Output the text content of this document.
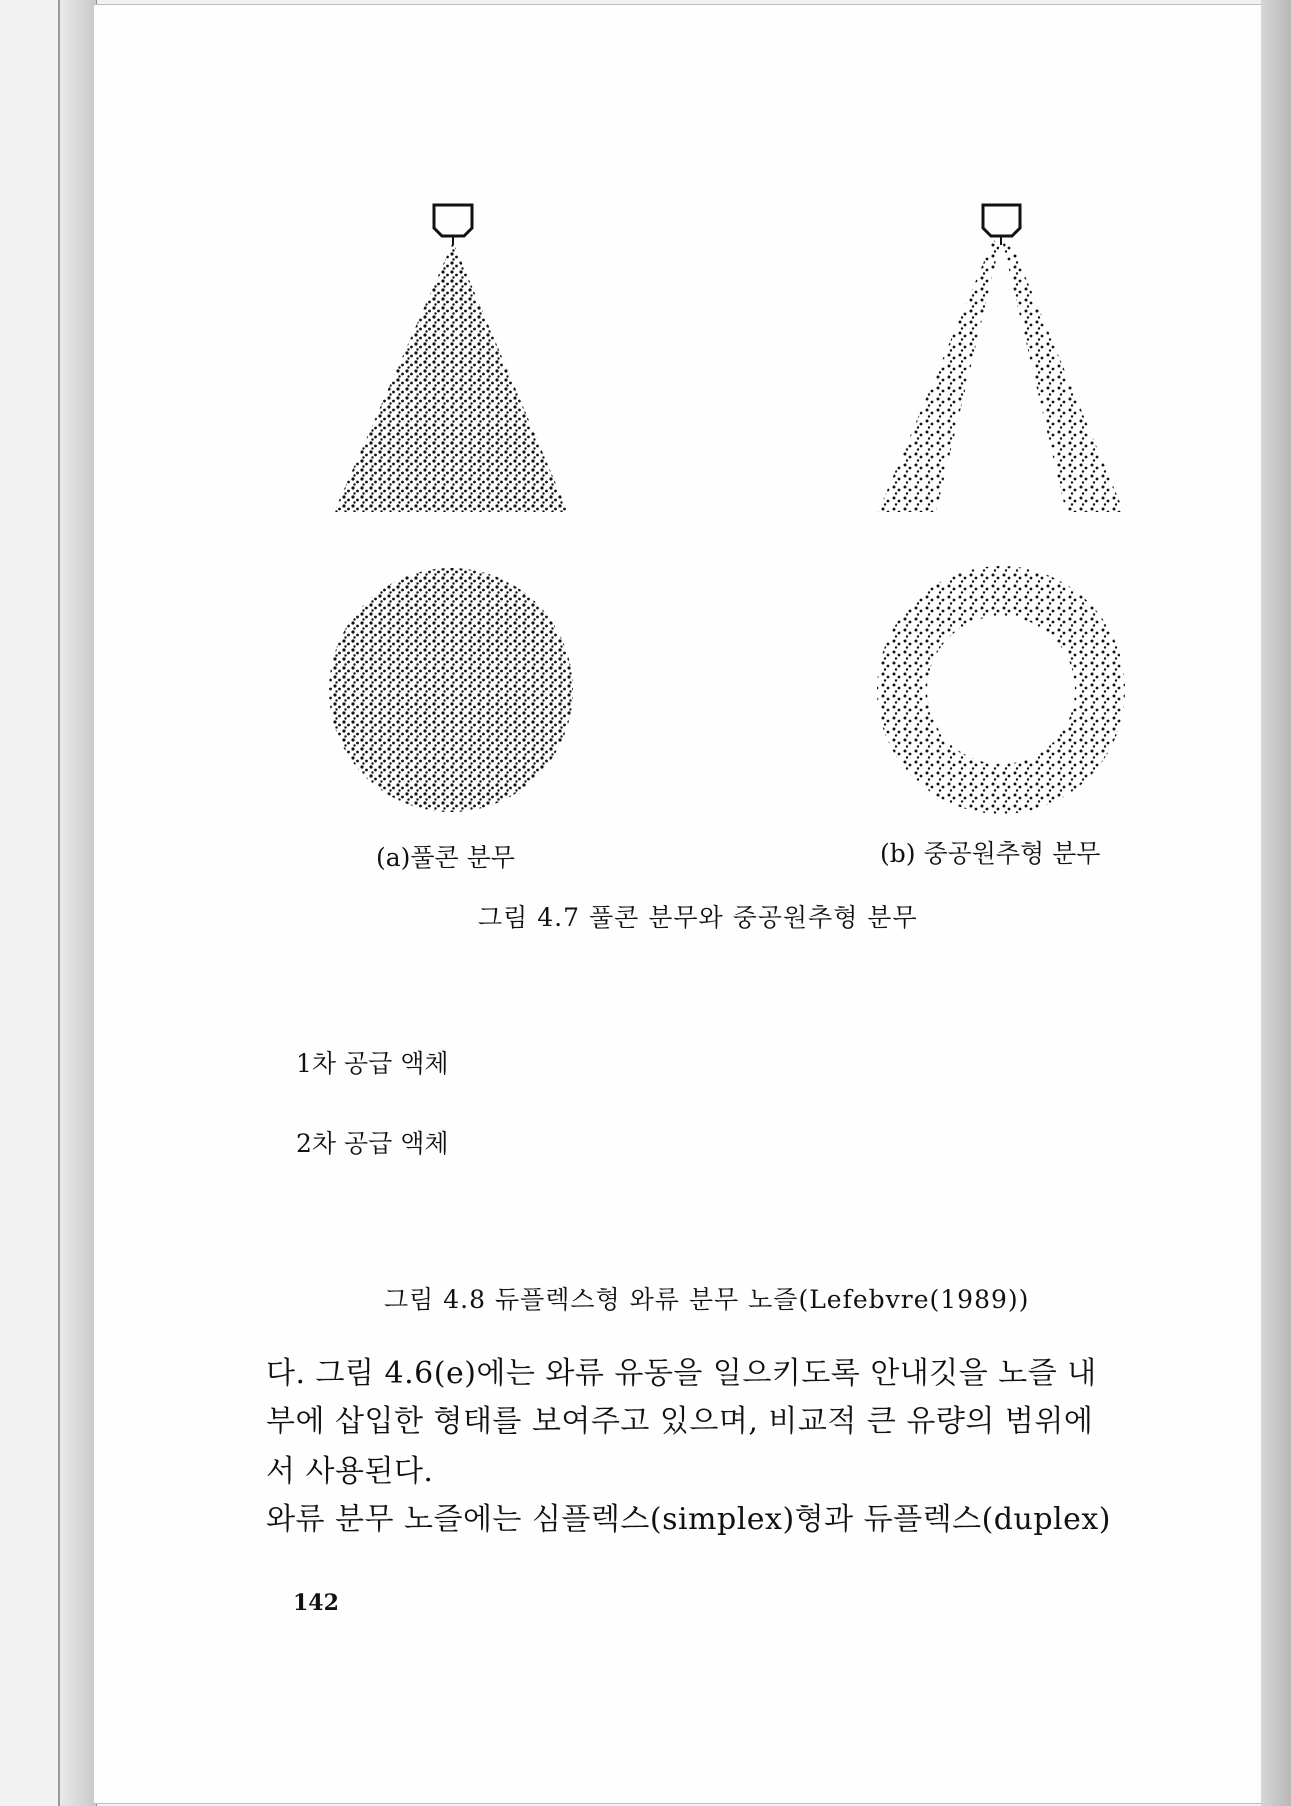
(a)풀콘 분무	(b) 중공원추형 분무
그림 4.7 풀콘 분무와 중공원추형 분무
1차 공급 액체
2차 공급 액체
그림 4.8 듀플렉스형 와류 분무 노즐(Lefebvre(1989))
다. 그림 4.6(e)에는 와류 유동을 일으키도록 안내깃을 노즐 내
부에 삽입한 형태를 보여주고 있으며, 비교적 큰 유량의 범위에
서 사용된다.
와류 분무 노즐에는 심플렉스(simplex)형과 듀플렉스(duplex)
142
